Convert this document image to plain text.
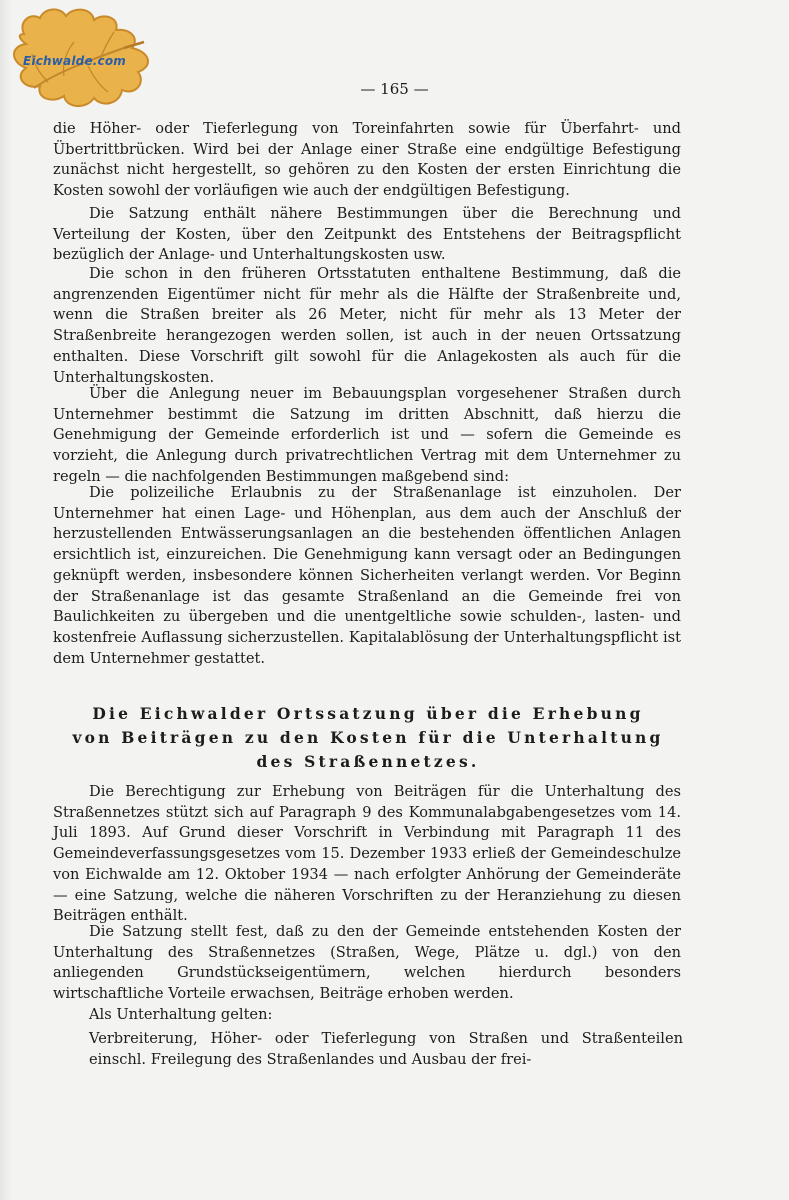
Eichwalde.com
— 165 —

die Höher- oder Tieferlegung von Toreinfahrten sowie für Überfahrt- und Übertrittbrücken. Wird bei der Anlage einer Straße eine endgültige Befestigung zunächst nicht hergestellt, so gehören zu den Kosten der ersten Einrichtung die Kosten sowohl der vorläufigen wie auch der endgültigen Befestigung.

Die Satzung enthält nähere Bestimmungen über die Berechnung und Verteilung der Kosten, über den Zeitpunkt des Entstehens der Beitragspflicht bezüglich der Anlage- und Unterhaltungskosten usw.

Die schon in den früheren Ortsstatuten enthaltene Bestimmung, daß die angrenzenden Eigentümer nicht für mehr als die Hälfte der Straßenbreite und, wenn die Straßen breiter als 26 Meter, nicht für mehr als 13 Meter der Straßenbreite herangezogen werden sollen, ist auch in der neuen Ortssatzung enthalten. Diese Vorschrift gilt sowohl für die Anlagekosten als auch für die Unterhaltungskosten.

Über die Anlegung neuer im Bebauungsplan vorgesehener Straßen durch Unternehmer bestimmt die Satzung im dritten Abschnitt, daß hierzu die Genehmigung der Gemeinde erforderlich ist und — sofern die Gemeinde es vorzieht, die Anlegung durch privatrechtlichen Vertrag mit dem Unternehmer zu regeln — die nachfolgenden Bestimmungen maßgebend sind:

Die polizeiliche Erlaubnis zu der Straßenanlage ist einzuholen. Der Unternehmer hat einen Lage- und Höhenplan, aus dem auch der Anschluß der herzustellenden Entwässerungsanlagen an die bestehenden öffentlichen Anlagen ersichtlich ist, einzureichen. Die Genehmigung kann versagt oder an Bedingungen geknüpft werden, insbesondere können Sicherheiten verlangt werden. Vor Beginn der Straßenanlage ist das gesamte Straßenland an die Gemeinde frei von Baulichkeiten zu übergeben und die unentgeltliche sowie schulden-, lasten- und kostenfreie Auflassung sicherzustellen. Kapitalablösung der Unterhaltungspflicht ist dem Unternehmer gestattet.

Die Eichwalder Ortssatzung über die Erhebung
von Beiträgen zu den Kosten für die Unterhaltung
des Straßennetzes.

Die Berechtigung zur Erhebung von Beiträgen für die Unterhaltung des Straßennetzes stützt sich auf Paragraph 9 des Kommunalabgabengesetzes vom 14. Juli 1893. Auf Grund dieser Vorschrift in Verbindung mit Paragraph 11 des Gemeindeverfassungsgesetzes vom 15. Dezember 1933 erließ der Gemeindeschulze von Eichwalde am 12. Oktober 1934 — nach erfolgter Anhörung der Gemeinderäte — eine Satzung, welche die näheren Vorschriften zu der Heranziehung zu diesen Beiträgen enthält.

Die Satzung stellt fest, daß zu den der Gemeinde entstehenden Kosten der Unterhaltung des Straßennetzes (Straßen, Wege, Plätze u. dgl.) von den anliegenden Grundstückseigentümern, welchen hierdurch besonders wirtschaftliche Vorteile erwachsen, Beiträge erhoben werden.

Als Unterhaltung gelten:

Verbreiterung, Höher- oder Tieferlegung von Straßen und Straßenteilen einschl. Freilegung des Straßenlandes und Ausbau der frei-
